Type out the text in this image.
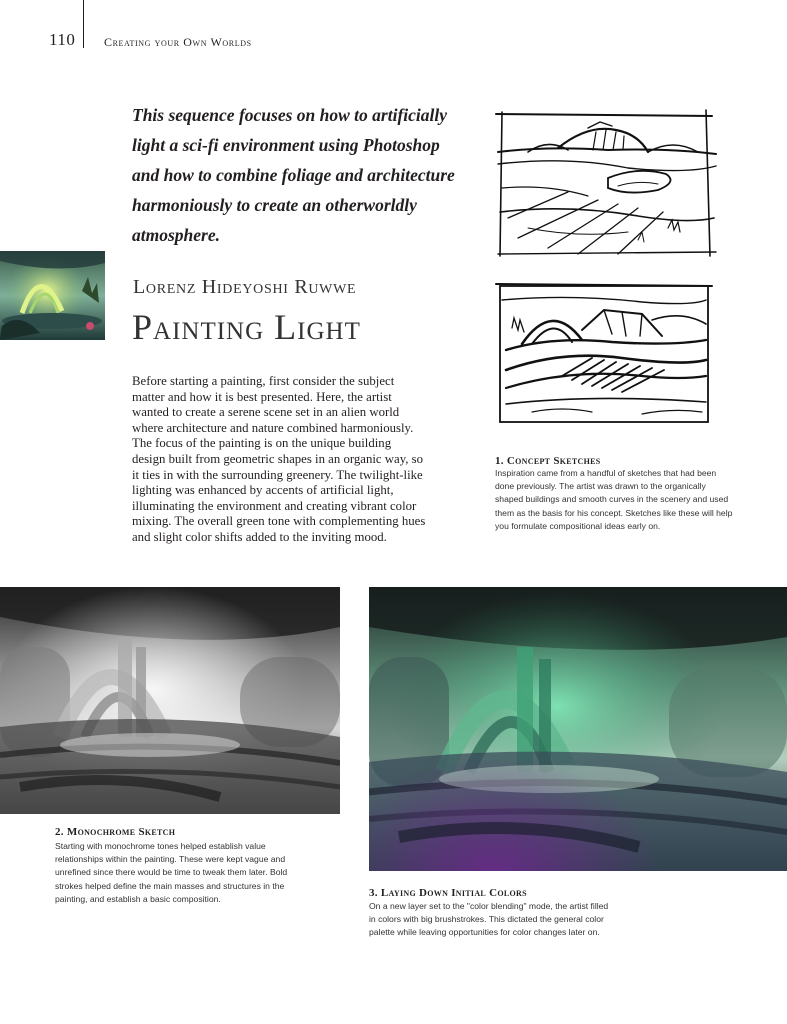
110 Creating your Own Worlds

This sequence focuses on how to artificially light a sci-fi environment using Photoshop and how to combine foliage and architecture harmoniously to create an otherworldly atmosphere.

Lorenz Hideyoshi Ruwwe
Painting Light

Before starting a painting, first consider the subject matter and how it is best presented. Here, the artist wanted to create a serene scene set in an alien world where architecture and nature combined harmoniously. The focus of the painting is on the unique building design built from geometric shapes in an organic way, so it ties in with the surrounding greenery. The twilight-like lighting was enhanced by accents of artificial light, illuminating the environment and creating vibrant color mixing. The overall green tone with complementing hues and slight color shifts added to the inviting mood.

1. Concept Sketches

Inspiration came from a handful of sketches that had been done previously. The artist was drawn to the organically shaped buildings and smooth curves in the scenery and used them as the basis for his concept. Sketches like these will help you formulate compositional ideas early on.

2. Monochrome Sketch

Starting with monochrome tones helped establish value relationships within the painting. These were kept vague and unrefined since there would be time to tweak them later. Bold strokes helped define the main masses and structures in the painting, and establish a basic composition.	3. Laying Down Initial Colors

On a new layer set to the "color blending" mode, the artist filled in colors with big brushstrokes. This dictated the general color palette while leaving opportunities for color changes later on.
